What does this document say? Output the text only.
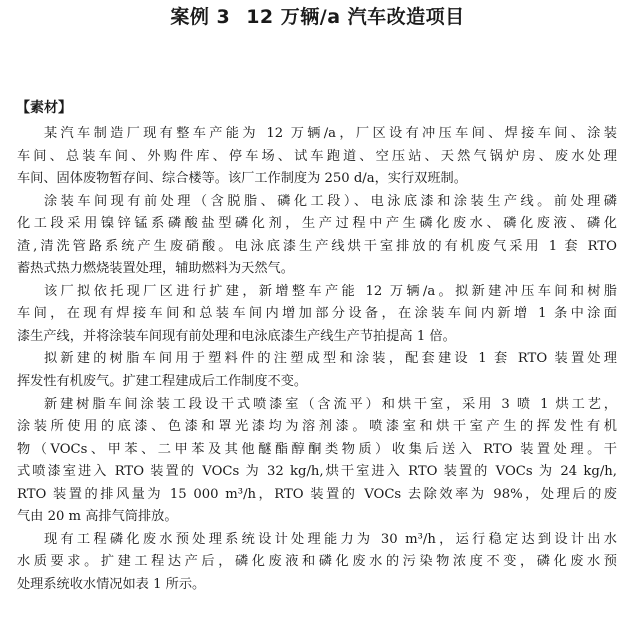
案例 3 12 万辆/a 汽车改造项目
【素材】
某汽车制造厂现有整车产能为 12 万辆/a，厂区设有冲压车间、焊接车间、涂装
车间、总装车间、外购件库、停车场、试车跑道、空压站、天然气锅炉房、废水处理
车间、固体废物暂存间、综合楼等。该厂工作制度为 250 d/a，实行双班制。
涂装车间现有前处理（含脱脂、磷化工段）、电泳底漆和涂装生产线。前处理磷
化工段采用镍锌锰系磷酸盐型磷化剂，生产过程中产生磷化废水、磷化废液、磷化
渣,清洗管路系统产生废硝酸。电泳底漆生产线烘干室排放的有机废气采用 1 套 RTO
蓄热式热力燃烧装置处理，辅助燃料为天然气。
该厂拟依托现厂区进行扩建，新增整车产能 12 万辆/a。拟新建冲压车间和树脂
车间，在现有焊接车间和总装车间内增加部分设备，在涂装车间内新增 1 条中涂面
漆生产线，并将涂装车间现有前处理和电泳底漆生产线生产节拍提高 1 倍。
拟新建的树脂车间用于塑料件的注塑成型和涂装，配套建设 1 套 RTO 装置处理
挥发性有机废气。扩建工程建成后工作制度不变。
新建树脂车间涂装工段设干式喷漆室（含流平）和烘干室，采用 3 喷 1 烘工艺，
涂装所使用的底漆、色漆和罩光漆均为溶剂漆。喷漆室和烘干室产生的挥发性有机
物（VOCs、甲苯、二甲苯及其他醚酯醇酮类物质）收集后送入 RTO 装置处理。干
式喷漆室进入 RTO 装置的 VOCs 为 32 kg/h,烘干室进入 RTO 装置的 VOCs 为 24 kg/h,
RTO 装置的排风量为 15 000 m³/h，RTO 装置的 VOCs 去除效率为 98%，处理后的废
气由 20 m 高排气筒排放。
现有工程磷化废水预处理系统设计处理能力为 30 m³/h，运行稳定达到设计出水
水质要求。扩建工程达产后，磷化废液和磷化废水的污染物浓度不变，磷化废水预
处理系统收水情况如表 1 所示。
